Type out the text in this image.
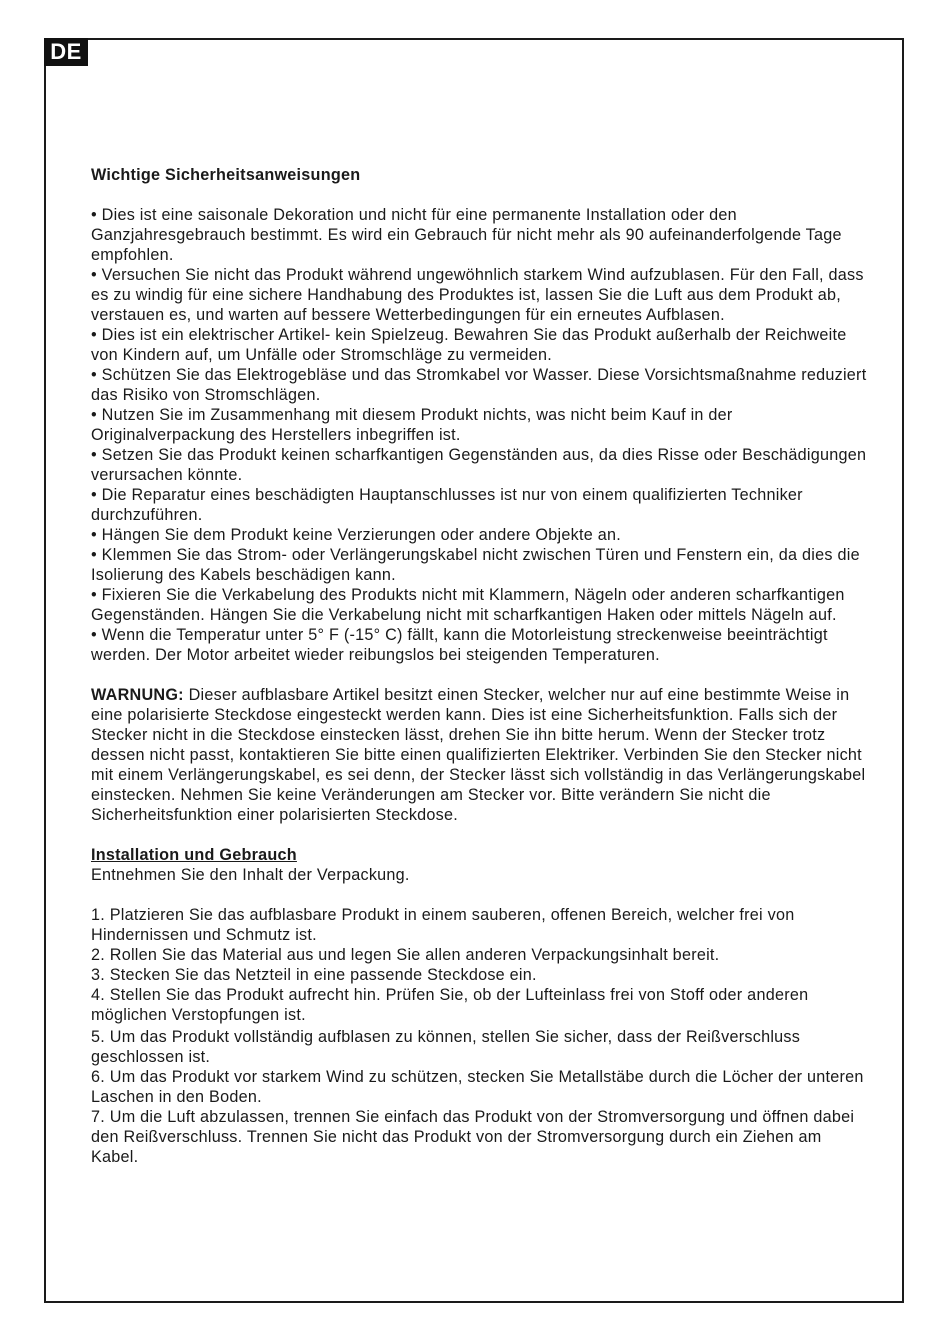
DE

Wichtige Sicherheitsanweisungen

• Dies ist eine saisonale Dekoration und nicht für eine permanente Installation oder den Ganzjahresgebrauch bestimmt. Es wird ein Gebrauch für nicht mehr als 90 aufeinanderfolgende Tage empfohlen.

• Versuchen Sie nicht das Produkt während ungewöhnlich starkem Wind aufzublasen. Für den Fall, dass es zu windig für eine sichere Handhabung des Produktes ist, lassen Sie die Luft aus dem Produkt ab, verstauen es, und warten auf bessere Wetterbedingungen für ein erneutes Aufblasen.

• Dies ist ein elektrischer Artikel- kein Spielzeug. Bewahren Sie das Produkt außerhalb der Reichweite von Kindern auf, um Unfälle oder Stromschläge zu vermeiden.

• Schützen Sie das Elektrogebläse und das Stromkabel vor Wasser. Diese Vorsichtsmaßnahme reduziert das Risiko von Stromschlägen.

• Nutzen Sie im Zusammenhang mit diesem Produkt nichts, was nicht beim Kauf in der Originalverpackung des Herstellers inbegriffen ist.

• Setzen Sie das Produkt keinen scharfkantigen Gegenständen aus, da dies Risse oder Beschädigungen verursachen könnte.

• Die Reparatur eines beschädigten Hauptanschlusses ist nur von einem qualifizierten Techniker durchzuführen.

• Hängen Sie dem Produkt keine Verzierungen oder andere Objekte an.

• Klemmen Sie das Strom- oder Verlängerungskabel nicht zwischen Türen und Fenstern ein, da dies die Isolierung des Kabels beschädigen kann.

• Fixieren Sie die Verkabelung des Produkts nicht mit Klammern, Nägeln oder anderen scharfkantigen Gegenständen. Hängen Sie die Verkabelung nicht mit scharfkantigen Haken oder mittels Nägeln auf.

• Wenn die Temperatur unter 5° F (-15° C) fällt, kann die Motorleistung streckenweise beeinträchtigt werden. Der Motor arbeitet wieder reibungslos bei steigenden Temperaturen.

WARNUNG: Dieser aufblasbare Artikel besitzt einen Stecker, welcher nur auf eine bestimmte Weise in eine polarisierte Steckdose eingesteckt werden kann. Dies ist eine Sicherheitsfunktion. Falls sich der Stecker nicht in die Steckdose einstecken lässt, drehen Sie ihn bitte herum. Wenn der Stecker trotz dessen nicht passt, kontaktieren Sie bitte einen qualifizierten Elektriker. Verbinden Sie den Stecker nicht mit einem Verlängerungskabel, es sei denn, der Stecker lässt sich vollständig in das Verlängerungskabel einstecken. Nehmen Sie keine Veränderungen am Stecker vor. Bitte verändern Sie nicht die Sicherheitsfunktion einer polarisierten Steckdose.

Installation und Gebrauch

Entnehmen Sie den Inhalt der Verpackung.

1. Platzieren Sie das aufblasbare Produkt in einem sauberen, offenen Bereich, welcher frei von Hindernissen und Schmutz ist.

2. Rollen Sie das Material aus und legen Sie allen anderen Verpackungsinhalt bereit.

3. Stecken Sie das Netzteil in eine passende Steckdose ein.

4. Stellen Sie das Produkt aufrecht hin. Prüfen Sie, ob der Lufteinlass frei von Stoff oder anderen möglichen Verstopfungen ist.

5. Um das Produkt vollständig aufblasen zu können, stellen Sie sicher, dass der Reißverschluss geschlossen ist.

6. Um das Produkt vor starkem Wind zu schützen, stecken Sie Metallstäbe durch die Löcher der unteren Laschen in den Boden.

7. Um die Luft abzulassen, trennen Sie einfach das Produkt von der Stromversorgung und öffnen dabei den Reißverschluss. Trennen Sie nicht das Produkt von der Stromversorgung durch ein Ziehen am Kabel.
